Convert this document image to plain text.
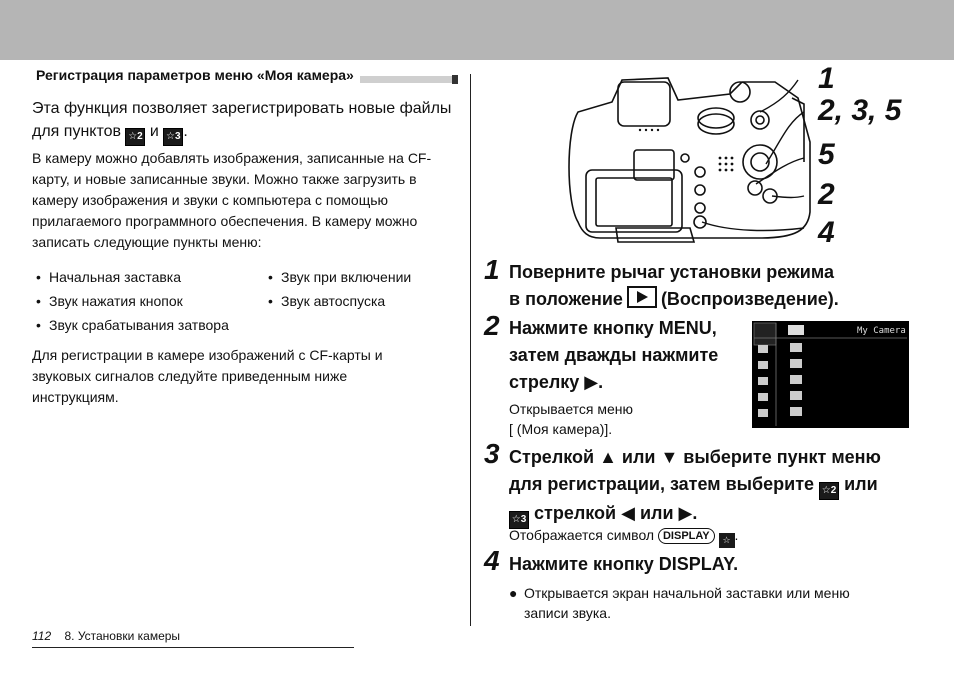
Регистрация параметров меню «Моя камера»
Эта функция позволяет зарегистрировать новые файлы для пунктов ☆2 и ☆3 .
В камеру можно добавлять изображения, записанные на CF-карту, и новые записанные звуки. Можно также загрузить в камеру изображения и звуки с компьютера с помощью прилагаемого программного обеспечения. В камеру можно записать следующие пункты меню:
• Начальная заставка	• Звук при включении
• Звук нажатия кнопок	• Звук автоспуска
• Звук срабатывания затвора
Для регистрации в камере изображений с CF-карты и звуковых сигналов следуйте приведенным ниже инструкциям.
112 8. Установки камеры
1
2, 3, 5
5
2
4
1 Поверните рычаг установки режима
в положение (Воспроизведение).
2 Нажмите кнопку MENU,
затем дважды нажмите
стрелку ▶.
Открывается меню
[ (Моя камера)].
My Camera
3 Стрелкой ▲ или ▼ выберите пункт меню
для регистрации, затем выберите ☆2 или
☆3 стрелкой ◀ или ▶.
Отображается символ DISPLAY ☆ .
4 Нажмите кнопку DISPLAY.
● Открывается экран начальной заставки или меню записи звука.
